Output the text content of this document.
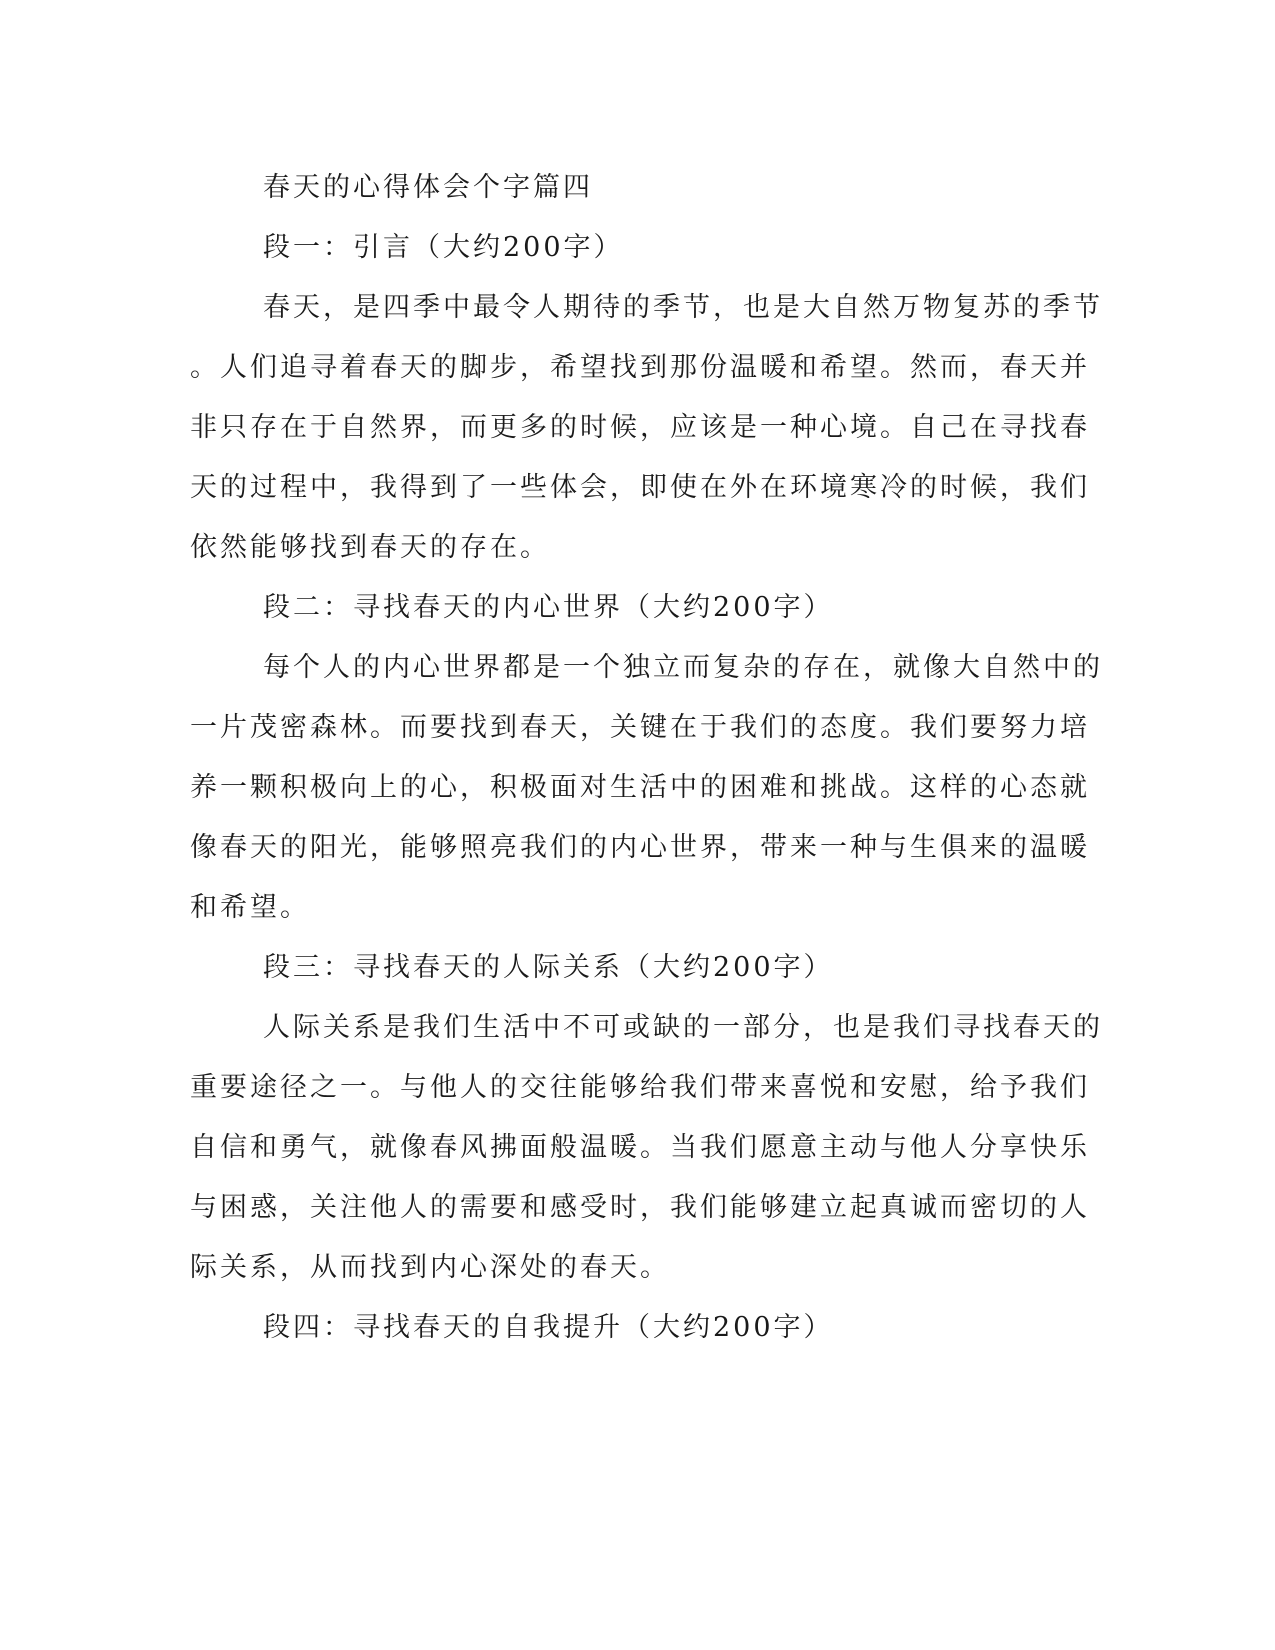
春天的心得体会个字篇四

段一：引言（大约200字）

春天，是四季中最令人期待的季节，也是大自然万物复苏的季节

。人们追寻着春天的脚步，希望找到那份温暖和希望。然而，春天并

非只存在于自然界，而更多的时候，应该是一种心境。自己在寻找春

天的过程中，我得到了一些体会，即使在外在环境寒冷的时候，我们

依然能够找到春天的存在。

段二：寻找春天的内心世界（大约200字）

每个人的内心世界都是一个独立而复杂的存在，就像大自然中的

一片茂密森林。而要找到春天，关键在于我们的态度。我们要努力培

养一颗积极向上的心，积极面对生活中的困难和挑战。这样的心态就

像春天的阳光，能够照亮我们的内心世界，带来一种与生俱来的温暖

和希望。

段三：寻找春天的人际关系（大约200字）

人际关系是我们生活中不可或缺的一部分，也是我们寻找春天的

重要途径之一。与他人的交往能够给我们带来喜悦和安慰，给予我们

自信和勇气，就像春风拂面般温暖。当我们愿意主动与他人分享快乐

与困惑，关注他人的需要和感受时，我们能够建立起真诚而密切的人

际关系，从而找到内心深处的春天。

段四：寻找春天的自我提升（大约200字）
